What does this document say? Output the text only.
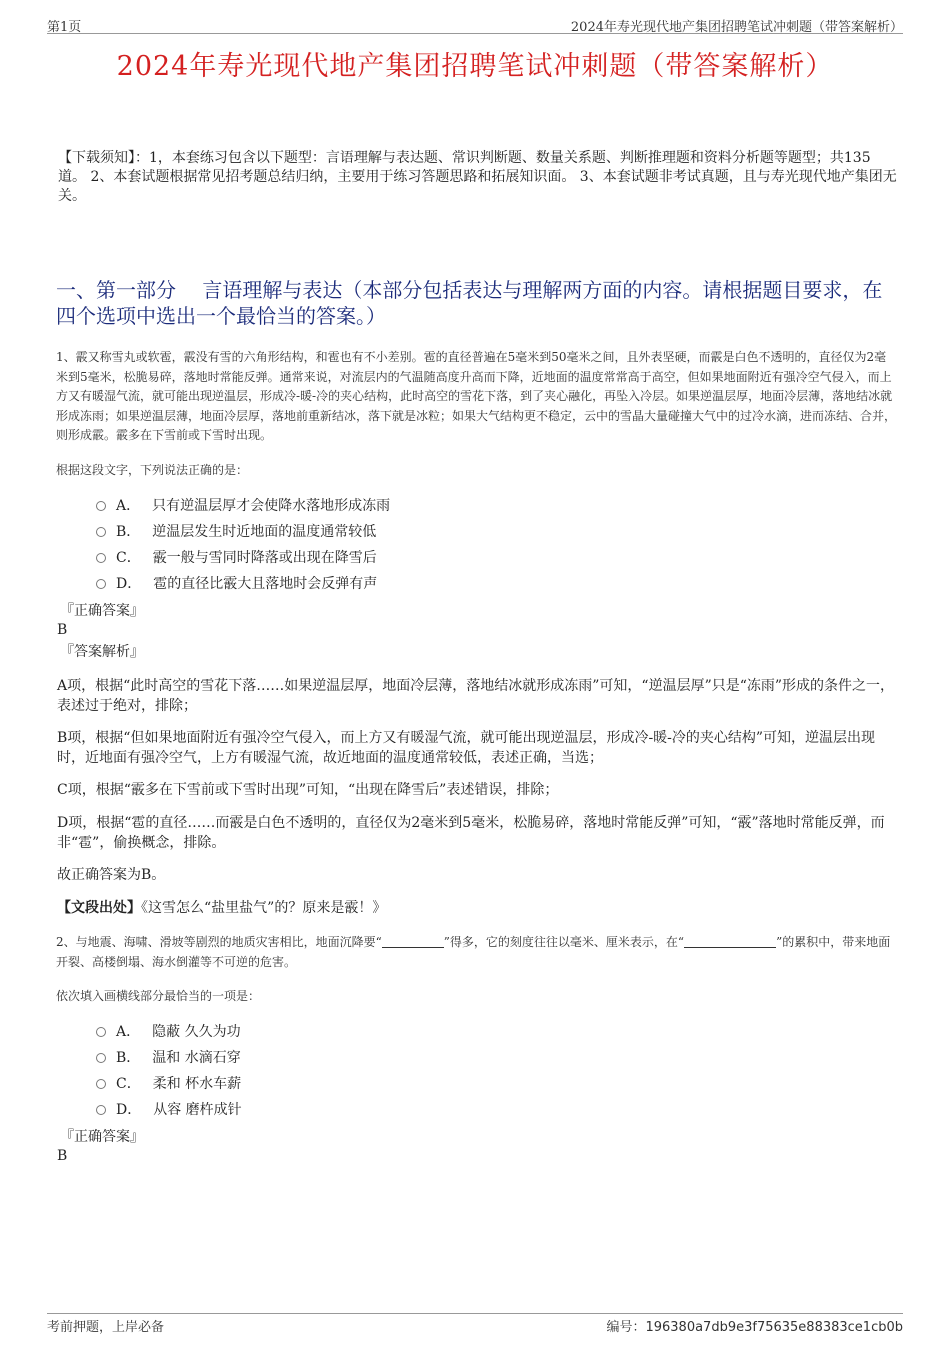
第1页	2024年寿光现代地产集团招聘笔试冲刺题（带答案解析）
2024年寿光现代地产集团招聘笔试冲刺题（带答案解析）
【下载须知】：1，本套练习包含以下题型：言语理解与表达题、常识判断题、数量关系题、判断推理题和资料分析题等题型；共135道。 2、本套试题根据常见招考题总结归纳，主要用于练习答题思路和拓展知识面。 3、本套试题非考试真题，且与寿光现代地产集团无关。
一、第一部分　 言语理解与表达（本部分包括表达与理解两方面的内容。请根据题目要求，在四个选项中选出一个最恰当的答案。）
1、霰又称雪丸或软雹，霰没有雪的六角形结构，和雹也有不小差别。雹的直径普遍在5毫米到50毫米之间，且外表坚硬，而霰是白色不透明的，直径仅为2毫米到5毫米，松脆易碎，落地时常能反弹。通常来说，对流层内的气温随高度升高而下降，近地面的温度常常高于高空，但如果地面附近有强冷空气侵入，而上方又有暖湿气流，就可能出现逆温层，形成冷-暖-冷的夹心结构，此时高空的雪花下落，到了夹心融化，再坠入冷层。如果逆温层厚，地面冷层薄，落地结冰就形成冻雨；如果逆温层薄，地面冷层厚，落地前重新结冰，落下就是冰粒；如果大气结构更不稳定，云中的雪晶大量碰撞大气中的过冷水滴，进而冻结、合并，则形成霰。霰多在下雪前或下雪时出现。
根据这段文字，下列说法正确的是：
A． 只有逆温层厚才会使降水落地形成冻雨
B． 逆温层发生时近地面的温度通常较低
C． 霰一般与雪同时降落或出现在降雪后
D． 雹的直径比霰大且落地时会反弹有声
『正确答案』
B
『答案解析』
A项，根据“此时高空的雪花下落……如果逆温层厚，地面冷层薄，落地结冰就形成冻雨”可知，“逆温层厚”只是“冻雨”形成的条件之一，表述过于绝对，排除；
B项，根据“但如果地面附近有强冷空气侵入，而上方又有暖湿气流，就可能出现逆温层，形成冷-暖-冷的夹心结构”可知，逆温层出现时，近地面有强冷空气，上方有暖湿气流，故近地面的温度通常较低，表述正确，当选；
C项，根据“霰多在下雪前或下雪时出现”可知，“出现在降雪后”表述错误，排除；
D项，根据“雹的直径……而霰是白色不透明的，直径仅为2毫米到5毫米，松脆易碎，落地时常能反弹”可知，“霰”落地时常能反弹，而非“雹”，偷换概念，排除。
故正确答案为B。
【文段出处】《这雪怎么“盐里盐气”的？原来是霰！》
2、与地震、海啸、滑坡等剧烈的地质灾害相比，地面沉降要“	”得多，它的刻度往往以毫米、厘米表示，在“	”的累积中，带来地面开裂、高楼倒塌、海水倒灌等不可逆的危害。
依次填入画横线部分最恰当的一项是：
A． 隐蔽 久久为功
B． 温和 水滴石穿
C． 柔和 杯水车薪
D． 从容 磨杵成针
『正确答案』
B
考前押题，上岸必备	编号：196380a7db9e3f75635e88383ce1cb0b
